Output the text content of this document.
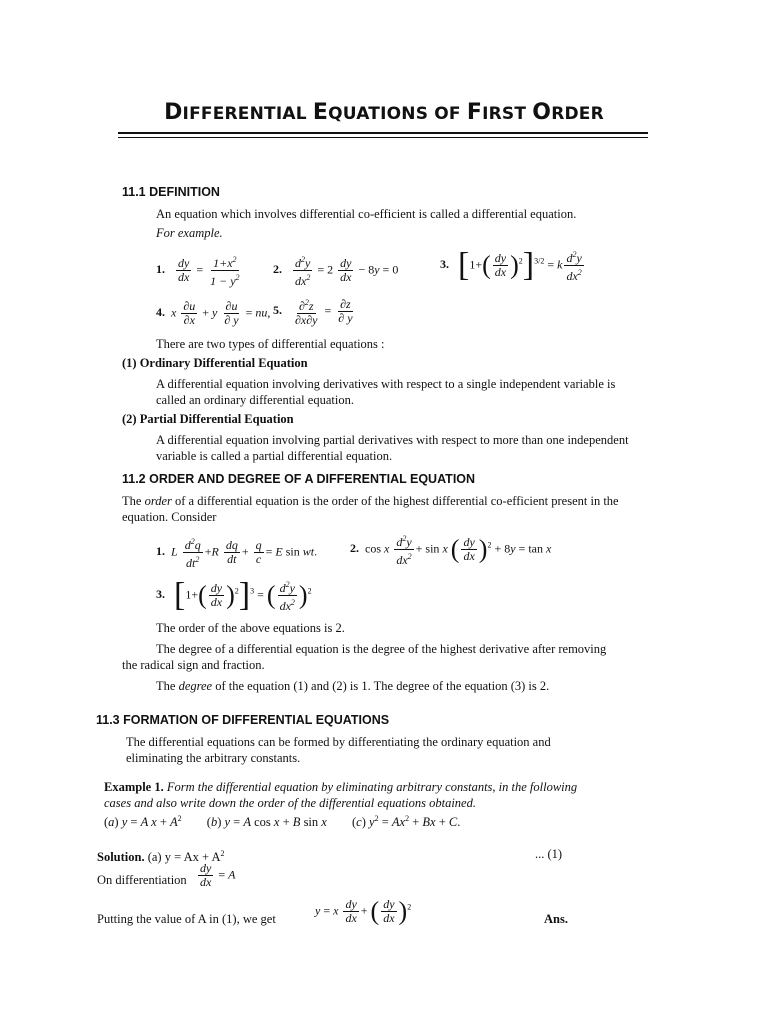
DIFFERENTIAL EQUATIONS OF FIRST ORDER
11.1 DEFINITION
An equation which involves differential co-efficient is called a differential equation.
For example.
1. $\frac{dy}{dx} = \frac{1+x^2}{1 - y^2}$	2. $\frac{d^2y}{dx^2} = 2 \frac{dy}{dx} - 8y = 0$	3. $[1+( \frac{dy}{dx} )^2]^{3/2} = k \frac{d^2y}{dx^2}$
4. x $\frac{\partial u}{\partial x} + y \frac{\partial u}{\partial y}$ = nu, 5. $\frac{\partial^2z}{\partial x\partial y} = \frac{\partial z}{\partial y}$
There are two types of differential equations :
(1) Ordinary Differential Equation
A differential equation involving derivatives with respect to a single independent variable is
called an ordinary differential equation.
(2) Partial Differential Equation
A differential equation involving partial derivatives with respect to more than one independent
variable is called a partial differential equation.
11.2 ORDER AND DEGREE OF A DIFFERENTIAL EQUATION
The order of a differential equation is the order of the highest differential co-efficient present in the
equation. Consider
1. L $\frac{d^2q}{dt^2} +R \frac{dq}{dt} + \frac{q}{c} = E$ sin wt.	2. cos x $\frac{d^2y}{dx^2} + \sin x$ ( $\frac{dy}{dx} )^2 + 8y = \tan x$
3. $[1+( \frac{dy}{dx} )^2]^3$ = ( $\frac{d^2y}{dx^2} )^2$
The order of the above equations is 2.
The degree of a differential equation is the degree of the highest derivative after removing
the radical sign and fraction.
The degree of the equation (1) and (2) is 1. The degree of the equation (3) is 2.
11.3 FORMATION OF DIFFERENTIAL EQUATIONS
The differential equations can be formed by differentiating the ordinary equation and
eliminating the arbitrary constants.
Example 1. Form the differential equation by eliminating arbitrary constants, in the following
cases and also write down the order of the differential equations obtained.
(a) y = A $x + A^2$ (b) y = A cos x + B sin x (c) $y^2 = Ax^2 + Bx + C$.
Solution. (a) $y = Ax + A^2$	... (1)
On differentiation $\frac{dy}{dx} = A$
Putting the value of A in (1), we get
y = x $\frac{dy}{dx}$ + ( $\frac{dy}{dx} )^2$
Ans.
